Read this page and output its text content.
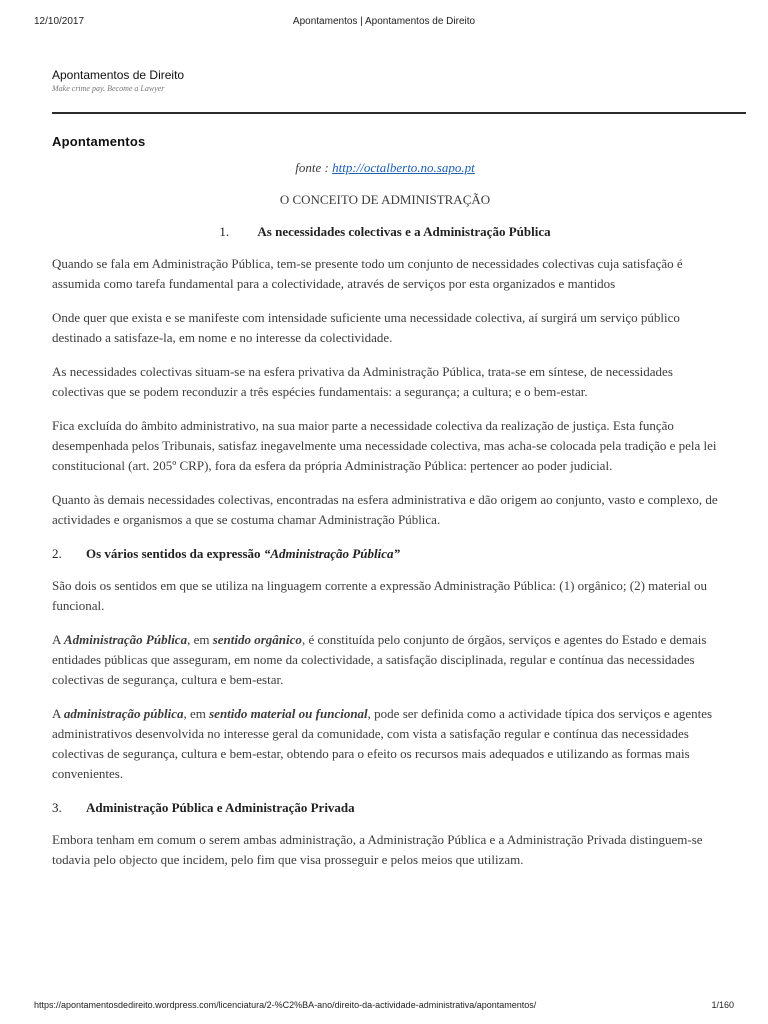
12/10/2017	Apontamentos | Apontamentos de Direito
Apontamentos de Direito
Make crime pay. Become a Lawyer
Apontamentos
fonte : http://octalberto.no.sapo.pt
O CONCEITO DE ADMINISTRAÇÃO
1. As necessidades colectivas e a Administração Pública

Quando se fala em Administração Pública, tem-se presente todo um conjunto de necessidades colectivas cuja satisfação é assumida como tarefa fundamental para a colectividade, através de serviços por esta organizados e mantidos

Onde quer que exista e se manifeste com intensidade suficiente uma necessidade colectiva, aí surgirá um serviço público destinado a satisfaze-la, em nome e no interesse da colectividade.

As necessidades colectivas situam-se na esfera privativa da Administração Pública, trata-se em síntese, de necessidades colectivas que se podem reconduzir a três espécies fundamentais: a segurança; a cultura; e o bem-estar.

Fica excluída do âmbito administrativo, na sua maior parte a necessidade colectiva da realização de justiça. Esta função desempenhada pelos Tribunais, satisfaz inegavelmente uma necessidade colectiva, mas acha-se colocada pela tradição e pela lei constitucional (art. 205º CRP), fora da esfera da própria Administração Pública: pertencer ao poder judicial.

Quanto às demais necessidades colectivas, encontradas na esfera administrativa e dão origem ao conjunto, vasto e complexo, de actividades e organismos a que se costuma chamar Administração Pública.

2. Os vários sentidos da expressão “Administração Pública”

São dois os sentidos em que se utiliza na linguagem corrente a expressão Administração Pública: (1) orgânico; (2) material ou funcional.

A Administração Pública, em sentido orgânico, é constituída pelo conjunto de órgãos, serviços e agentes do Estado e demais entidades públicas que asseguram, em nome da colectividade, a satisfação disciplinada, regular e contínua das necessidades colectivas de segurança, cultura e bem-estar.

A administração pública, em sentido material ou funcional, pode ser definida como a actividade típica dos serviços e agentes administrativos desenvolvida no interesse geral da comunidade, com vista a satisfação regular e contínua das necessidades colectivas de segurança, cultura e bem-estar, obtendo para o efeito os recursos mais adequados e utilizando as formas mais convenientes.

3. Administração Pública e Administração Privada

Embora tenham em comum o serem ambas administração, a Administração Pública e a Administração Privada distinguem-se todavia pelo objecto que incidem, pelo fim que visa prosseguir e pelos meios que utilizam.

https://apontamentosdedireito.wordpress.com/licenciatura/2-%C2%BA-ano/direito-da-actividade-administrativa/apontamentos/	1/160
